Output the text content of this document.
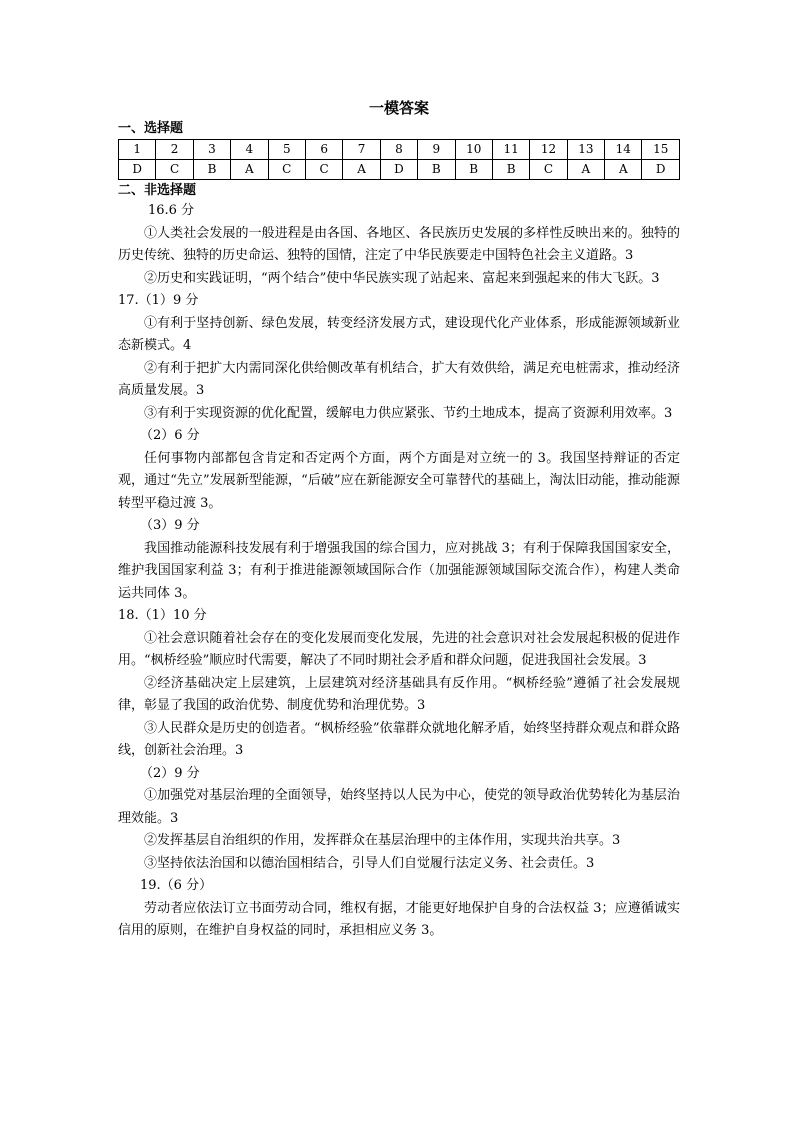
一模答案
一、选择题
1	2	3	4	5	6	7	8	9	10	11	12	13	14	15
D	C	B	A	C	C	A	D	B	B	B	C	A	A	D
二、非选择题

16.6 分

①人类社会发展的一般进程是由各国、各地区、各民族历史发展的多样性反映出来的。独特的历史传统、独特的历史命运、独特的国情，注定了中华民族要走中国特色社会主义道路。3

②历史和实践证明，“两个结合”使中华民族实现了站起来、富起来到强起来的伟大飞跃。3

17.（1）9 分

①有利于坚持创新、绿色发展，转变经济发展方式，建设现代化产业体系，形成能源领域新业态新模式。4

②有利于把扩大内需同深化供给侧改革有机结合，扩大有效供给，满足充电桩需求，推动经济高质量发展。3

③有利于实现资源的优化配置，缓解电力供应紧张、节约土地成本，提高了资源利用效率。3

（2）6 分

任何事物内部都包含肯定和否定两个方面，两个方面是对立统一的 3。我国坚持辩证的否定观，通过“先立”发展新型能源，“后破”应在新能源安全可靠替代的基础上，淘汰旧动能，推动能源转型平稳过渡 3。

（3）9 分

我国推动能源科技发展有利于增强我国的综合国力，应对挑战 3；有利于保障我国国家安全，维护我国国家利益 3；有利于推进能源领域国际合作（加强能源领域国际交流合作），构建人类命运共同体 3。

18.（1）10 分

①社会意识随着社会存在的变化发展而变化发展，先进的社会意识对社会发展起积极的促进作用。“枫桥经验”顺应时代需要，解决了不同时期社会矛盾和群众问题，促进我国社会发展。3

②经济基础决定上层建筑，上层建筑对经济基础具有反作用。“枫桥经验”遵循了社会发展规律，彰显了我国的政治优势、制度优势和治理优势。3

③人民群众是历史的创造者。“枫桥经验”依靠群众就地化解矛盾，始终坚持群众观点和群众路线，创新社会治理。3

（2）9 分

①加强党对基层治理的全面领导，始终坚持以人民为中心，使党的领导政治优势转化为基层治理效能。3

②发挥基层自治组织的作用，发挥群众在基层治理中的主体作用，实现共治共享。3

③坚持依法治国和以德治国相结合，引导人们自觉履行法定义务、社会责任。3

19.（6 分）

劳动者应依法订立书面劳动合同，维权有据，才能更好地保护自身的合法权益 3；应遵循诚实信用的原则，在维护自身权益的同时，承担相应义务 3。
